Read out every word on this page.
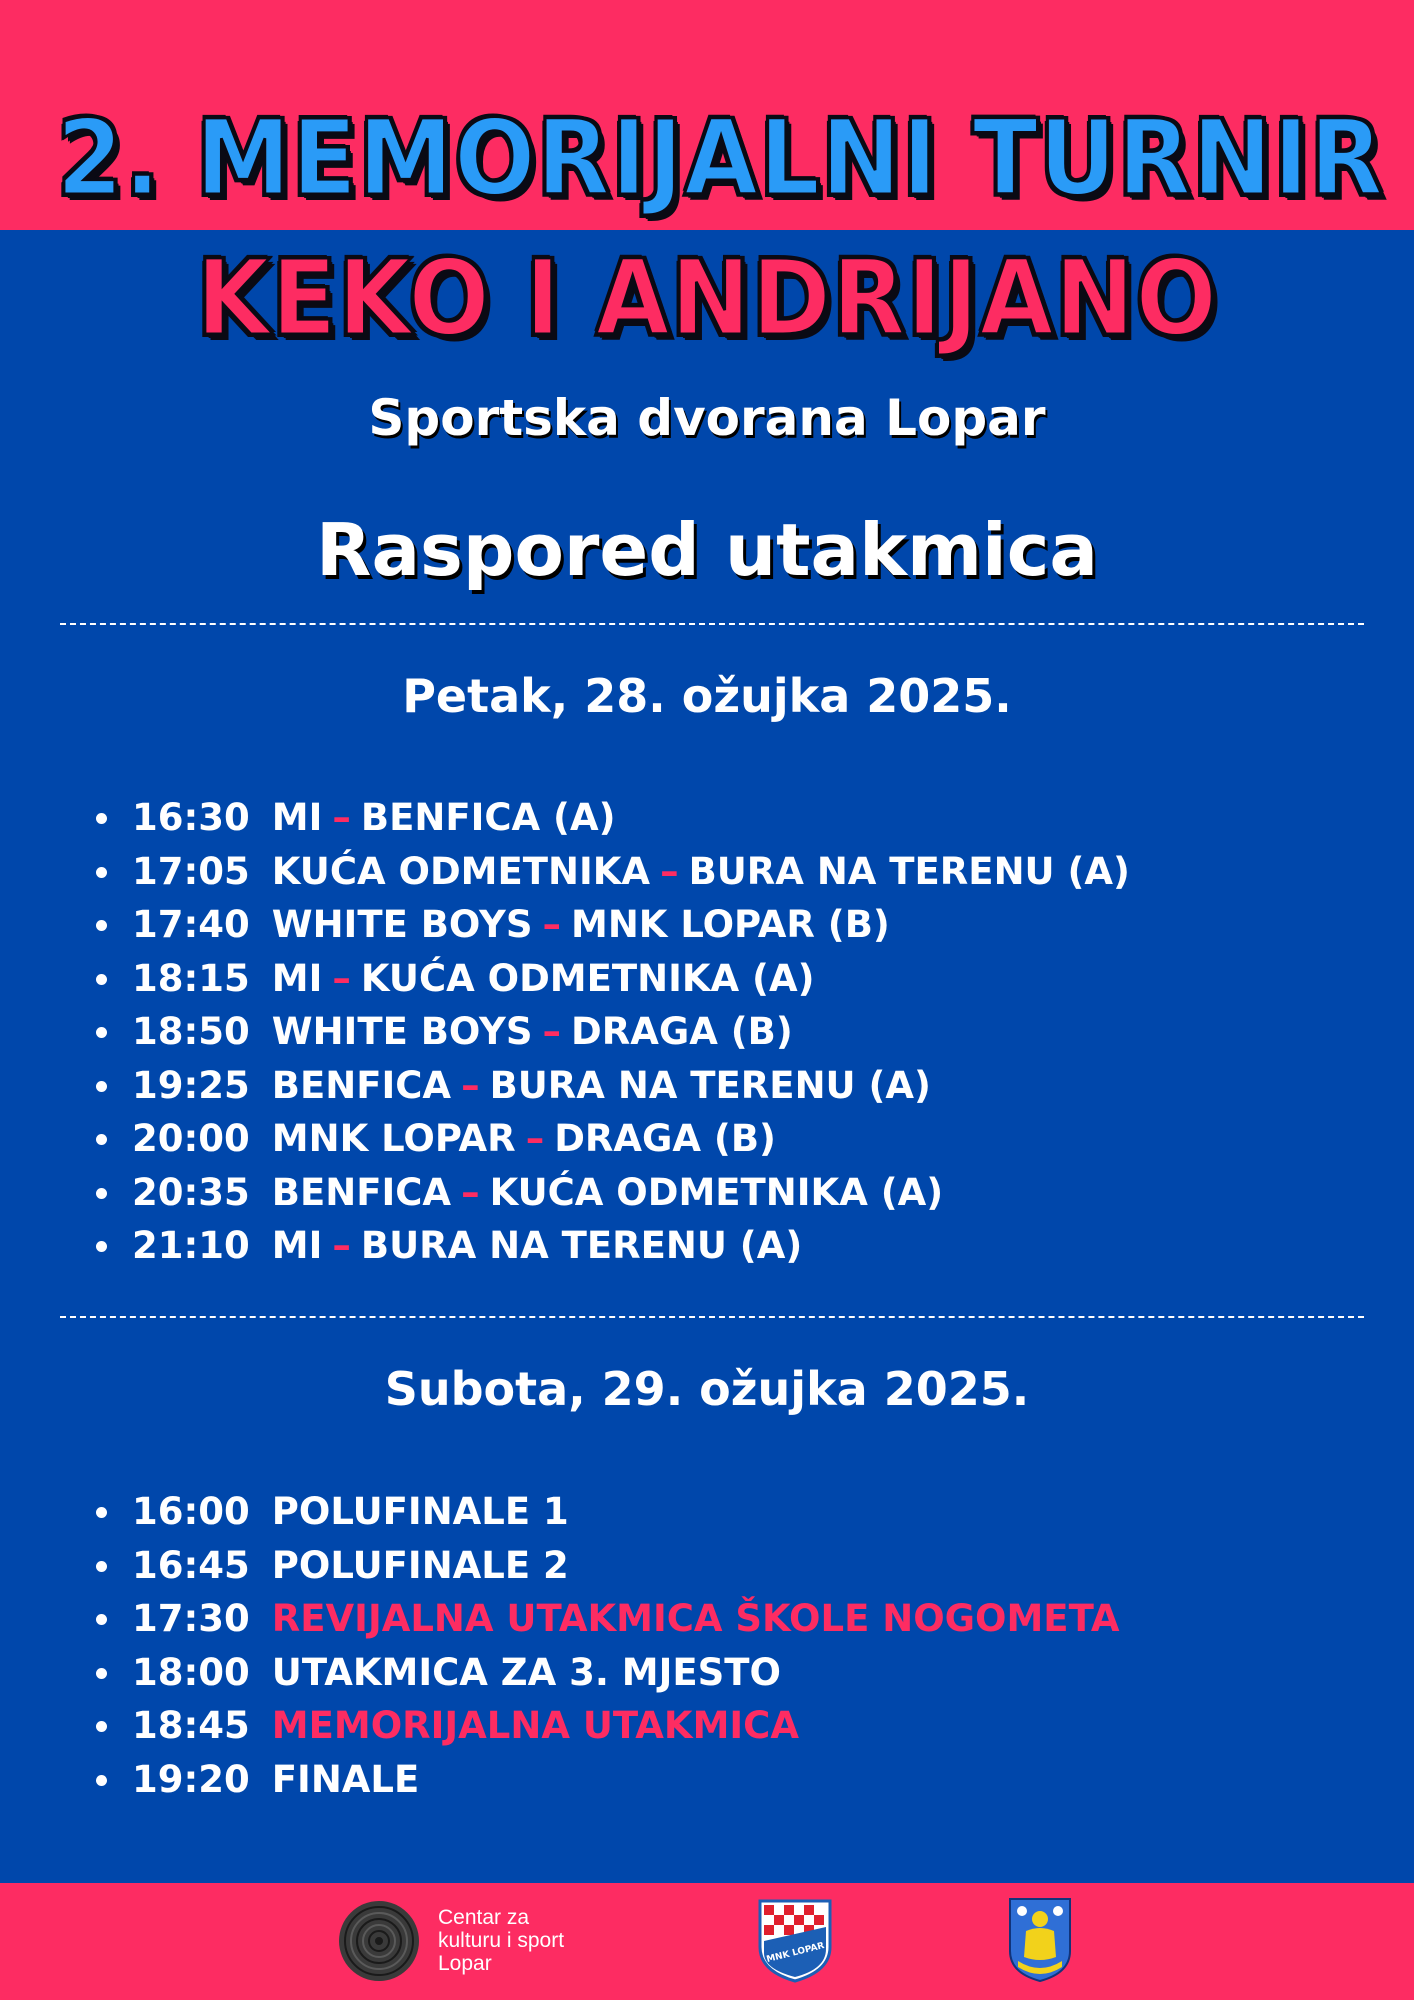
2. MEMORIJALNI TURNIR
KEKO I ANDRIJANO
Sportska dvorana Lopar
Raspored utakmica
Petak, 28. ožujka 2025.
16:30 MI – BENFICA (A)
17:05 KUĆA ODMETNIKA – BURA NA TERENU (A)
17:40 WHITE BOYS – MNK LOPAR (B)
18:15 MI – KUĆA ODMETNIKA (A)
18:50 WHITE BOYS – DRAGA (B)
19:25 BENFICA – BURA NA TERENU (A)
20:00 MNK LOPAR – DRAGA (B)
20:35 BENFICA – KUĆA ODMETNIKA (A)
21:10 MI – BURA NA TERENU (A)
Subota, 29. ožujka 2025.
16:00 POLUFINALE 1
16:45 POLUFINALE 2
17:30 REVIJALNA UTAKMICA ŠKOLE NOGOMETA
18:00 UTAKMICA ZA 3. MJESTO
18:45 MEMORIJALNA UTAKMICA
19:20 FINALE
Centar za
kulturu i sport
Lopar	MNK LOPAR
